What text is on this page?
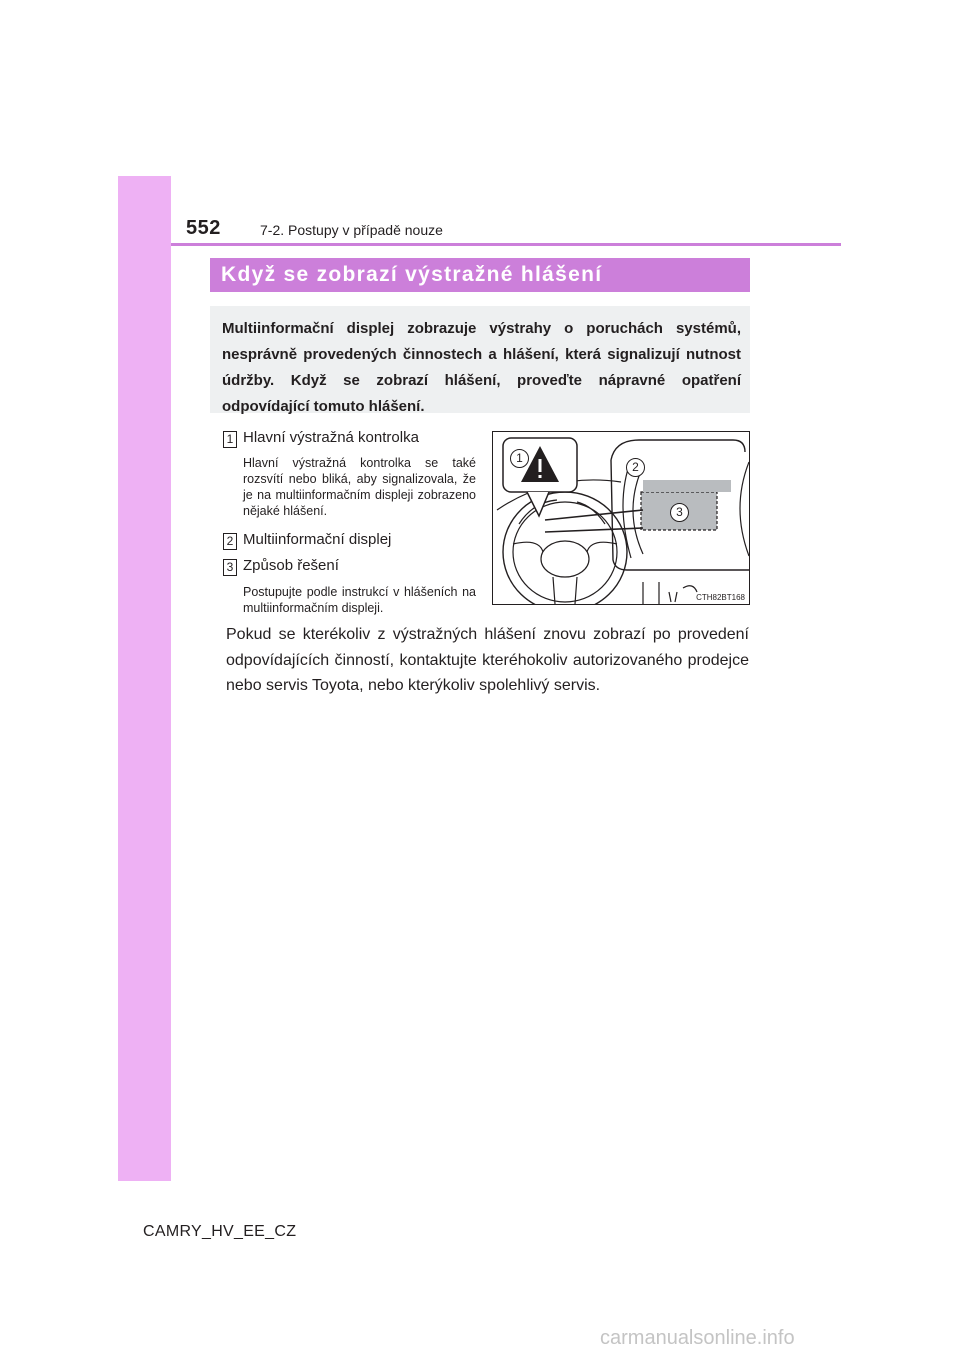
552	7-2. Postupy v případě nouze
Když se zobrazí výstražné hlášení
Multiinformační displej zobrazuje výstrahy o poruchách systémů, nesprávně provedených činnostech a hlášení, která signalizují nutnost údržby. Když se zobrazí hlášení, proveďte nápravné opatření odpovídající tomuto hlášení.
1 Hlavní výstražná kontrolka
Hlavní výstražná kontrolka se také rozsvítí nebo bliká, aby signalizovala, že je na multiinformačním displeji zobrazeno nějaké hlášení.
2 Multiinformační displej
3 Způsob řešení
Postupujte podle instrukcí v hlášeních na multiinformačním displeji.
1
2
3
CTH82BT168
Pokud se kterékoliv z výstražných hlášení znovu zobrazí po provedení odpovídajících činností, kontaktujte kteréhokoliv autorizovaného prodejce nebo servis Toyota, nebo kterýkoliv spolehlivý servis.
CAMRY_HV_EE_CZ
carmanualsonline.info
